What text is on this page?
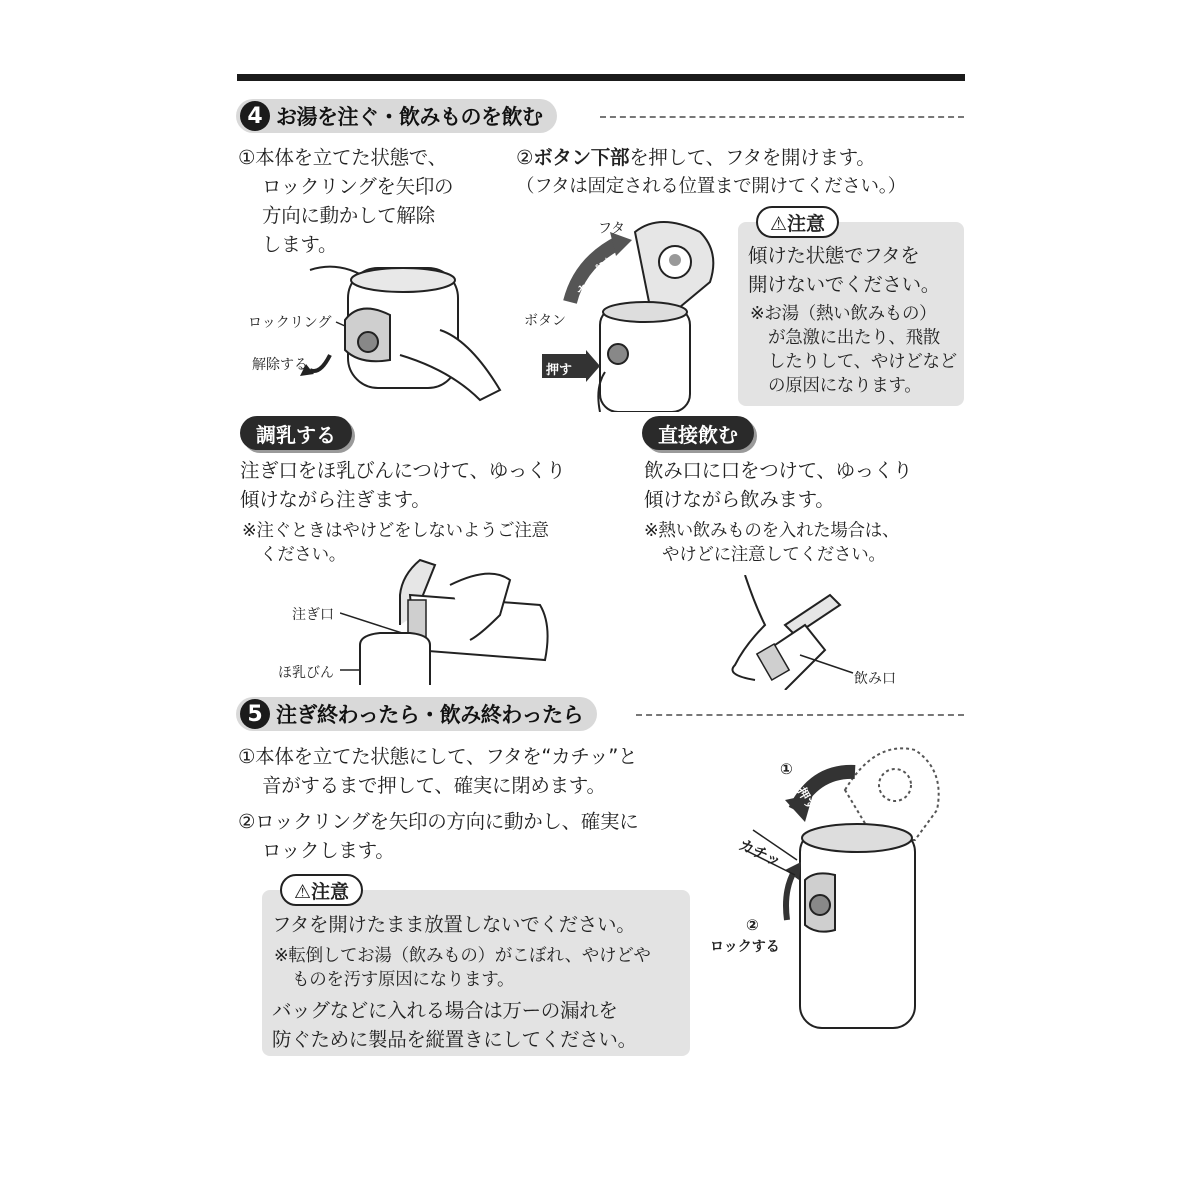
4 お湯を注ぐ・飲みものを飲む
①本体を立てた状態で、
ロックリングを矢印の
方向に動かして解除
します。
ロックリング
解除する
②ボタン下部を押して、フタを開けます。
（フタは固定される位置まで開けてください。）
フタ
オープン
ボタン
押す
⚠注意
傾けた状態でフタを
開けないでください。
※お湯（熱い飲みもの）
が急激に出たり、飛散
したりして、やけどなど
の原因になります。
調乳する
注ぎ口をほ乳びんにつけて、ゆっくり
傾けながら注ぎます。
※注ぐときはやけどをしないようご注意
ください。
注ぎ口
ほ乳びん
直接飲む
飲み口に口をつけて、ゆっくり
傾けながら飲みます。
※熱い飲みものを入れた場合は、
やけどに注意してください。
飲み口
5 注ぎ終わったら・飲み終わったら
①本体を立てた状態にして、フタを“カチッ”と
音がするまで押して、確実に閉めます。
②ロックリングを矢印の方向に動かし、確実に
ロックします。
⚠注意
フタを開けたまま放置しないでください。
※転倒してお湯（飲みもの）がこぼれ、やけどや
ものを汚す原因になります。
バッグなどに入れる場合は万ーの漏れを
防ぐために製品を縦置きにしてください。
①
押す
カチッ
②
ロックする
